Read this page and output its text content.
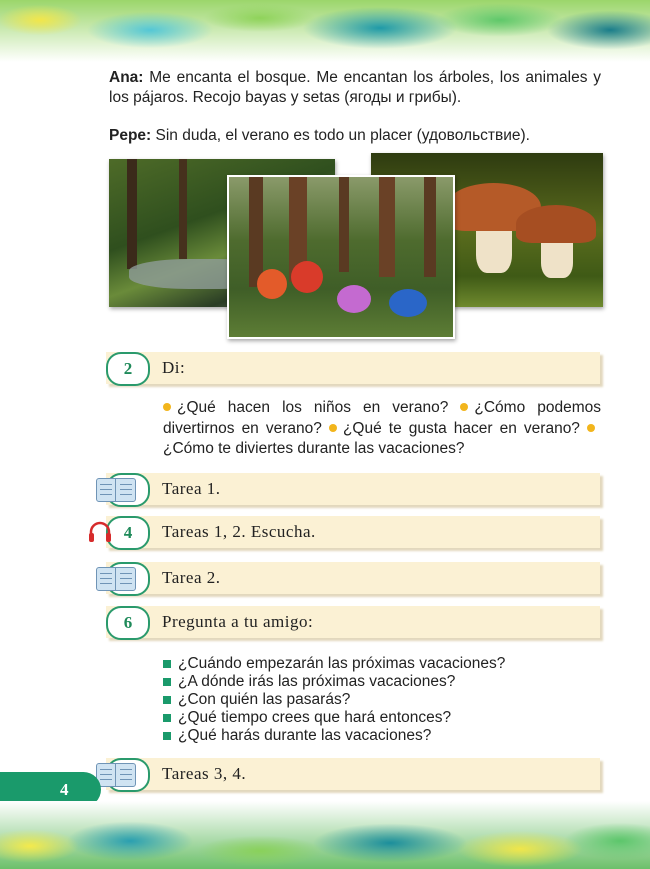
Ana: Me encanta el bosque. Me encantan los árboles, los animales y los pájaros. Recojo bayas y setas (ягоды и грибы).
Pepe: Sin duda, el verano es todo un placer (удовольствие).
2	Di:
¿Qué hacen los niños en verano? ¿Cómo podemos divertirnos en verano? ¿Qué te gusta hacer en verano? ¿Cómo te diviertes durante las vacaciones?
Tarea 1.
4	Tareas 1, 2. Escucha.
Tarea 2.
6	Pregunta a tu amigo:
¿Cuándo empezarán las próximas vacaciones?
¿A dónde irás las próximas vacaciones?
¿Con quién las pasarás?
¿Qué tiempo crees que hará entonces?
¿Qué harás durante las vacaciones?
Tareas 3, 4.
4
